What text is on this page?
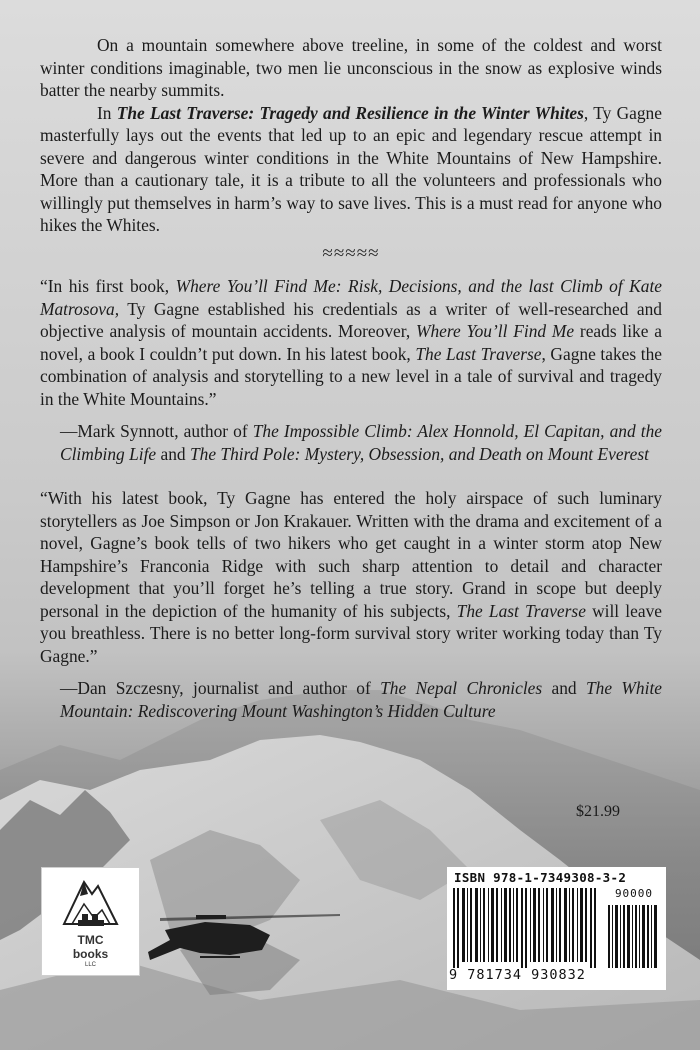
On a mountain somewhere above treeline, in some of the coldest and worst winter conditions imaginable, two men lie unconscious in the snow as explosive winds batter the nearby summits.

In The Last Traverse: Tragedy and Resilience in the Winter Whites, Ty Gagne masterfully lays out the events that led up to an epic and legendary rescue attempt in severe and dangerous winter conditions in the White Mountains of New Hampshire. More than a cautionary tale, it is a tribute to all the volunteers and professionals who willingly put themselves in harm’s way to save lives. This is a must read for anyone who hikes the Whites.

≈≈≈≈≈

“In his first book, Where You’ll Find Me: Risk, Decisions, and the last Climb of Kate Matrosova, Ty Gagne established his credentials as a writer of well-researched and objective analysis of mountain accidents. Moreover, Where You’ll Find Me reads like a novel, a book I couldn’t put down. In his latest book, The Last Traverse, Gagne takes the combination of analysis and storytelling to a new level in a tale of survival and tragedy in the White Mountains.”

—Mark Synnott, author of The Impossible Climb: Alex Honnold, El Capitan, and the Climbing Life and The Third Pole: Mystery, Obsession, and Death on Mount Everest

“With his latest book, Ty Gagne has entered the holy airspace of such luminary storytellers as Joe Simpson or Jon Krakauer. Written with the drama and excitement of a novel, Gagne’s book tells of two hikers who get caught in a winter storm atop New Hampshire’s Franconia Ridge with such sharp attention to detail and character development that you’ll forget he’s telling a true story. Grand in scope but deeply personal in the depiction of the humanity of his subjects, The Last Traverse will leave you breathless. There is no better long-form survival story writer working today than Ty Gagne.”

—Dan Szczesny, journalist and author of The Nepal Chronicles and The White Mountain: Rediscovering Mount Washington’s Hidden Culture

$21.99
TMC
books
LLC
ISBN 978-1-7349308-3-2
90000
9 781734 930832
